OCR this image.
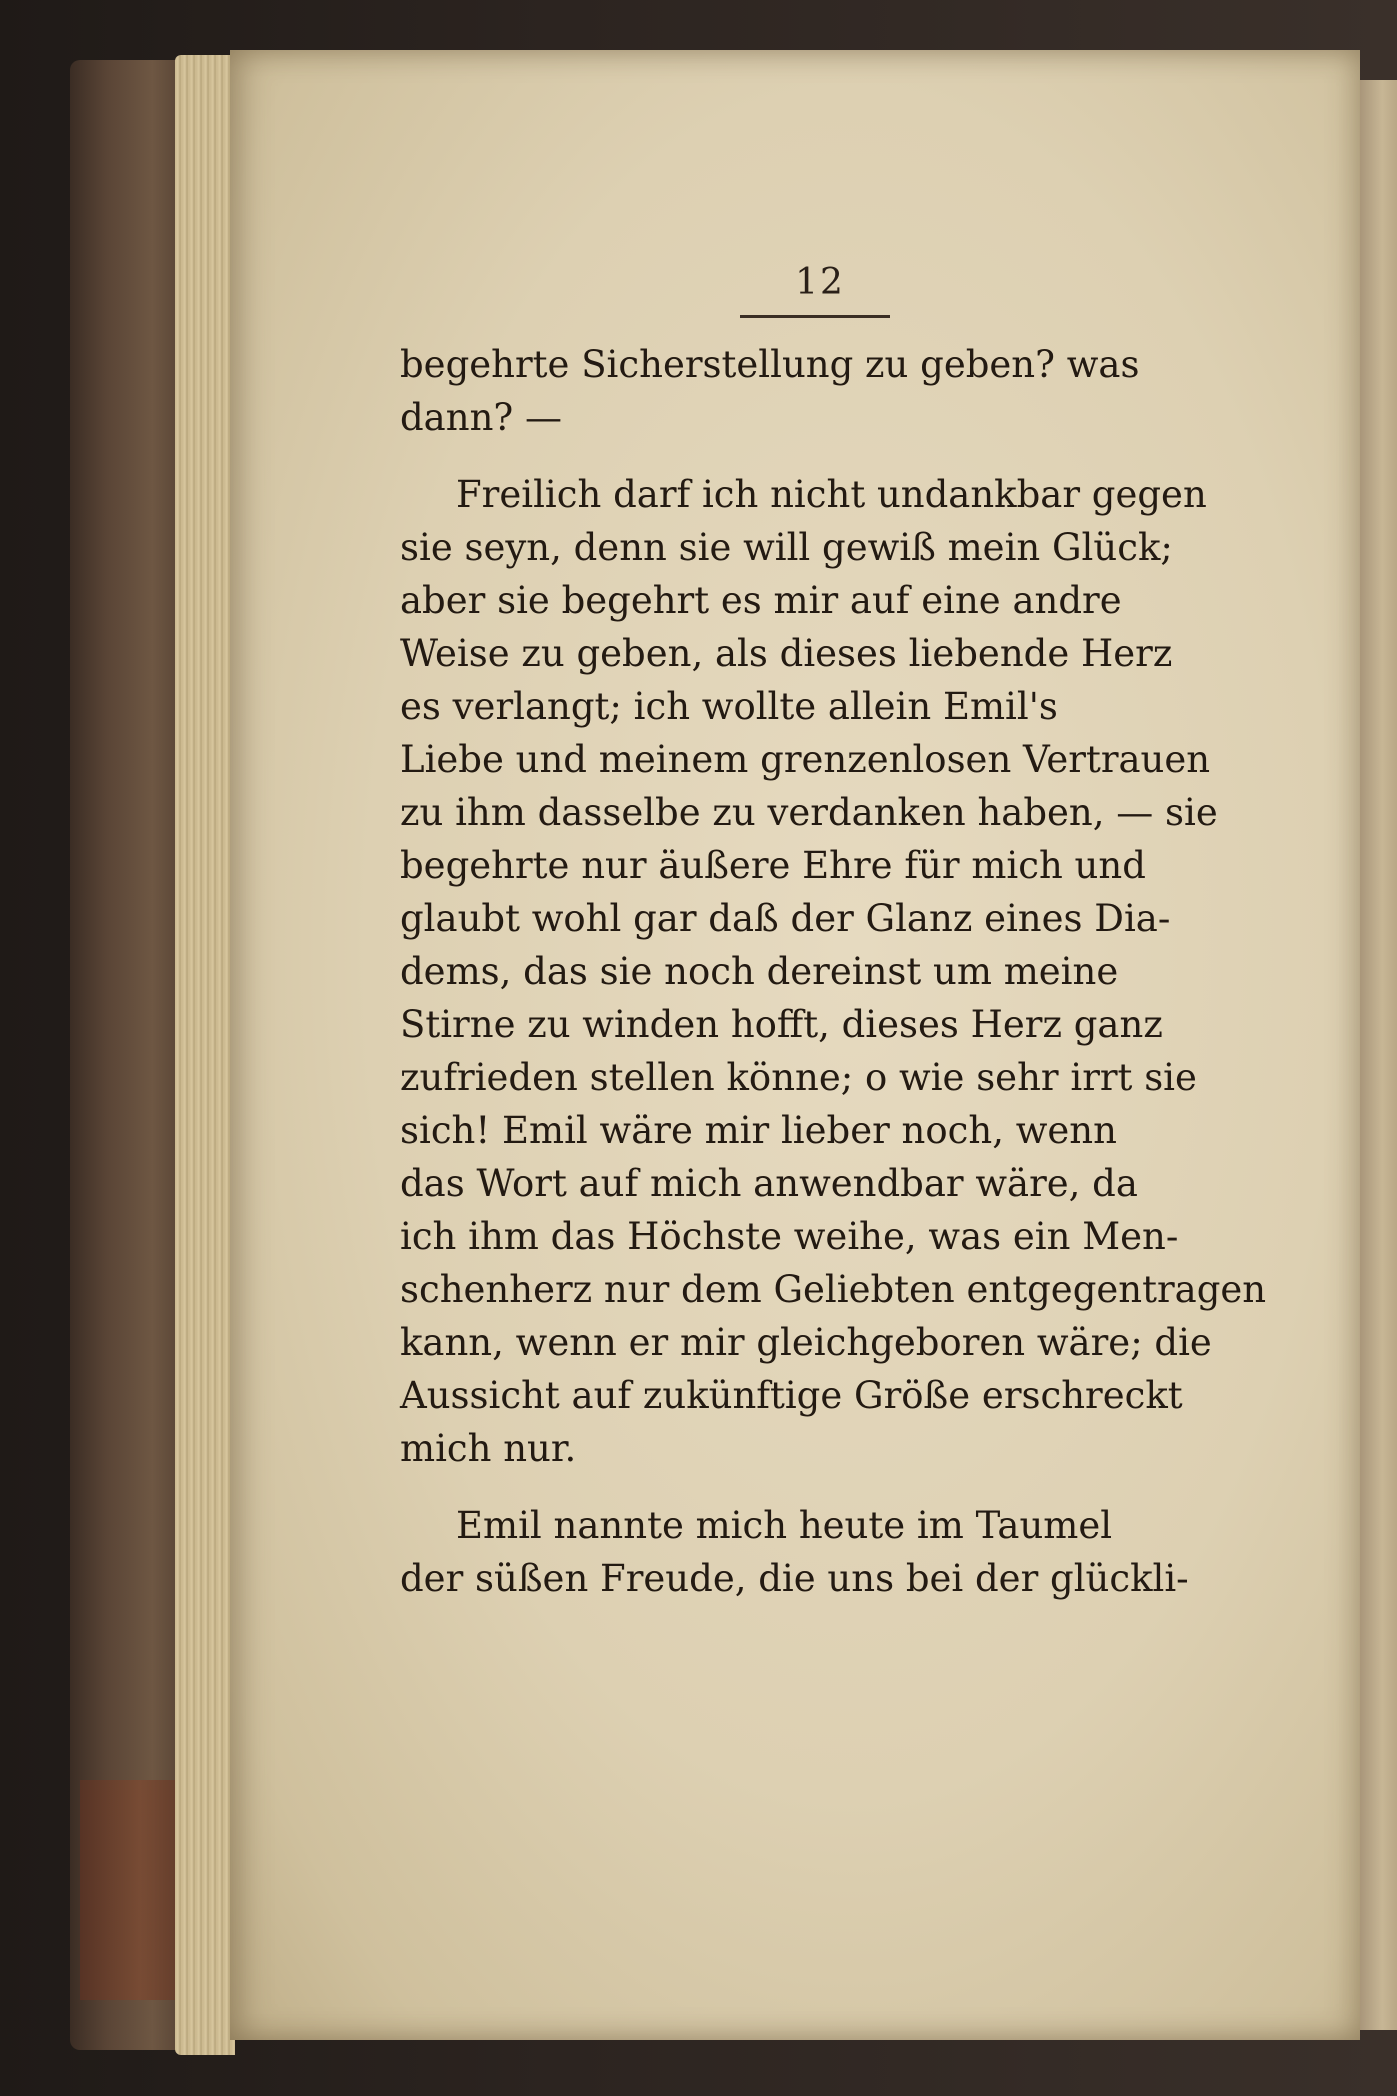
12
begehrte Sicherstellung zu geben? was
dann? —
Freilich darf ich nicht undankbar gegen
sie seyn, denn sie will gewiß mein Glück;
aber sie begehrt es mir auf eine andre
Weise zu geben, als dieses liebende Herz
es verlangt; ich wollte allein Emil's
Liebe und meinem grenzenlosen Vertrauen
zu ihm dasselbe zu verdanken haben, — sie
begehrte nur äußere Ehre für mich und
glaubt wohl gar daß der Glanz eines Dia-
dems, das sie noch dereinst um meine
Stirne zu winden hofft, dieses Herz ganz
zufrieden stellen könne; o wie sehr irrt sie
sich! Emil wäre mir lieber noch, wenn
das Wort auf mich anwendbar wäre, da
ich ihm das Höchste weihe, was ein Men-
schenherz nur dem Geliebten entgegentragen
kann, wenn er mir gleichgeboren wäre; die
Aussicht auf zukünftige Größe erschreckt
mich nur.
Emil nannte mich heute im Taumel
der süßen Freude, die uns bei der glückli-
